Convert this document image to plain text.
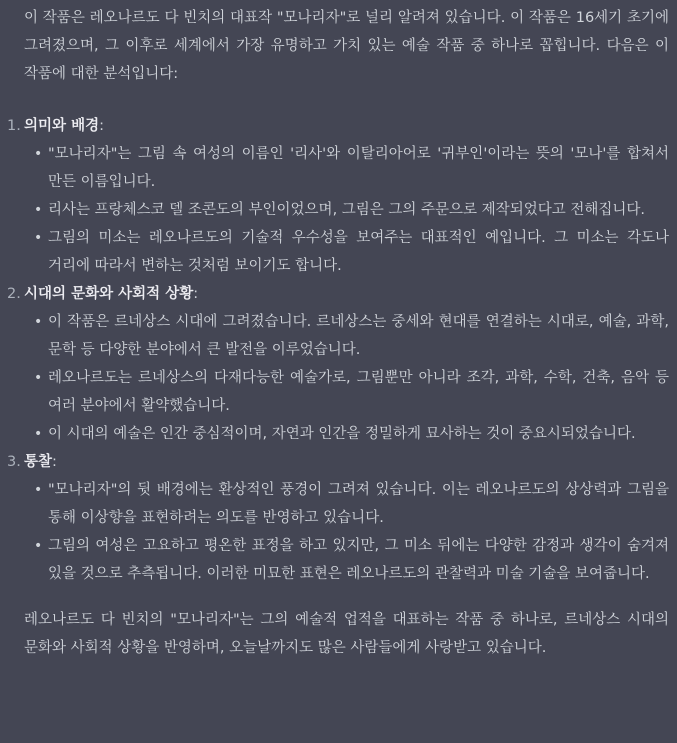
이 작품은 레오나르도 다 빈치의 대표작 "모나리자"로 널리 알려져 있습니다. 이 작품은 16세기 초기에 그려졌으며, 그 이후로 세계에서 가장 유명하고 가치 있는 예술 작품 중 하나로 꼽힙니다. 다음은 이 작품에 대한 분석입니다:

1. 의미와 배경:
• "모나리자"는 그림 속 여성의 이름인 '리사'와 이탈리아어로 '귀부인'이라는 뜻의 '모나'를 합쳐서 만든 이름입니다.
• 리사는 프랑체스코 델 조콘도의 부인이었으며, 그림은 그의 주문으로 제작되었다고 전해집니다.
• 그림의 미소는 레오나르도의 기술적 우수성을 보여주는 대표적인 예입니다. 그 미소는 각도나 거리에 따라서 변하는 것처럼 보이기도 합니다.
2. 시대의 문화와 사회적 상황:
• 이 작품은 르네상스 시대에 그려졌습니다. 르네상스는 중세와 현대를 연결하는 시대로, 예술, 과학, 문학 등 다양한 분야에서 큰 발전을 이루었습니다.
• 레오나르도는 르네상스의 다재다능한 예술가로, 그림뿐만 아니라 조각, 과학, 수학, 건축, 음악 등 여러 분야에서 활약했습니다.
• 이 시대의 예술은 인간 중심적이며, 자연과 인간을 정밀하게 묘사하는 것이 중요시되었습니다.
3. 통찰:
• "모나리자"의 뒷 배경에는 환상적인 풍경이 그려져 있습니다. 이는 레오나르도의 상상력과 그림을 통해 이상향을 표현하려는 의도를 반영하고 있습니다.
• 그림의 여성은 고요하고 평온한 표정을 하고 있지만, 그 미소 뒤에는 다양한 감정과 생각이 숨겨져 있을 것으로 추측됩니다. 이러한 미묘한 표현은 레오나르도의 관찰력과 미술 기술을 보여줍니다.

레오나르도 다 빈치의 "모나리자"는 그의 예술적 업적을 대표하는 작품 중 하나로, 르네상스 시대의 문화와 사회적 상황을 반영하며, 오늘날까지도 많은 사람들에게 사랑받고 있습니다.
